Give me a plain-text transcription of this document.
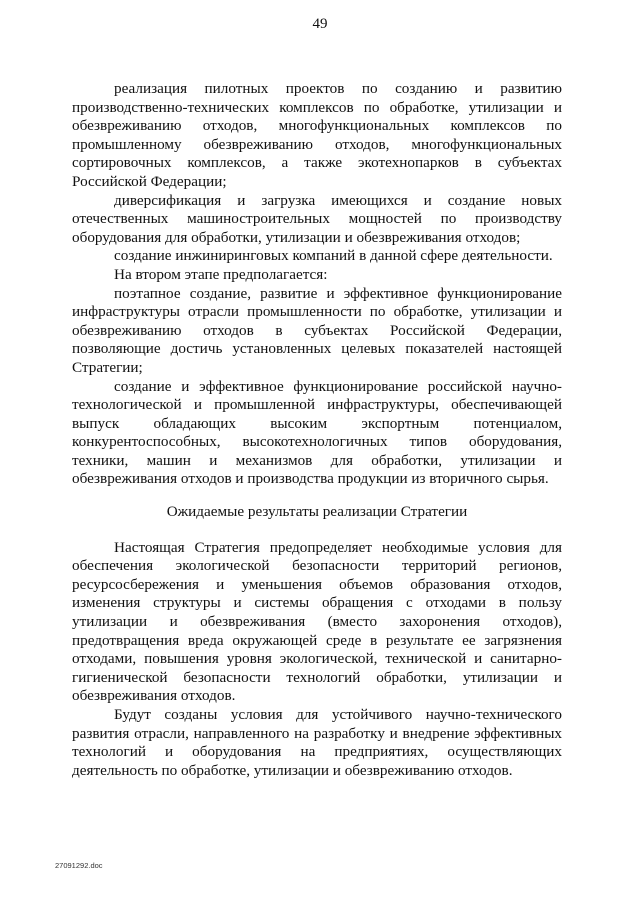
49

реализация пилотных проектов по созданию и развитию производственно-технических комплексов по обработке, утилизации и обезвреживанию отходов, многофункциональных комплексов по промышленному обезвреживанию отходов, многофункциональных сортировочных комплексов, а также экотехнопарков в субъектах Российской Федерации;

диверсификация и загрузка имеющихся и создание новых отечественных машиностроительных мощностей по производству оборудования для обработки, утилизации и обезвреживания отходов;

создание инжиниринговых компаний в данной сфере деятельности.

На втором этапе предполагается:

поэтапное создание, развитие и эффективное функционирование инфраструктуры отрасли промышленности по обработке, утилизации и обезвреживанию отходов в субъектах Российской Федерации, позволяющие достичь установленных целевых показателей настоящей Стратегии;

создание и эффективное функционирование российской научно-технологической и промышленной инфраструктуры, обеспечивающей выпуск обладающих высоким экспортным потенциалом, конкурентоспособных, высокотехнологичных типов оборудования, техники, машин и механизмов для обработки, утилизации и обезвреживания отходов и производства продукции из вторичного сырья.

Ожидаемые результаты реализации Стратегии

Настоящая Стратегия предопределяет необходимые условия для обеспечения экологической безопасности территорий регионов, ресурсосбережения и уменьшения объемов образования отходов, изменения структуры и системы обращения с отходами в пользу утилизации и обезвреживания (вместо захоронения отходов), предотвращения вреда окружающей среде в результате ее загрязнения отходами, повышения уровня экологической, технической и санитарно-гигиенической безопасности технологий обработки, утилизации и обезвреживания отходов.

Будут созданы условия для устойчивого научно-технического развития отрасли, направленного на разработку и внедрение эффективных технологий и оборудования на предприятиях, осуществляющих деятельность по обработке, утилизации и обезвреживанию отходов.

27091292.doc
